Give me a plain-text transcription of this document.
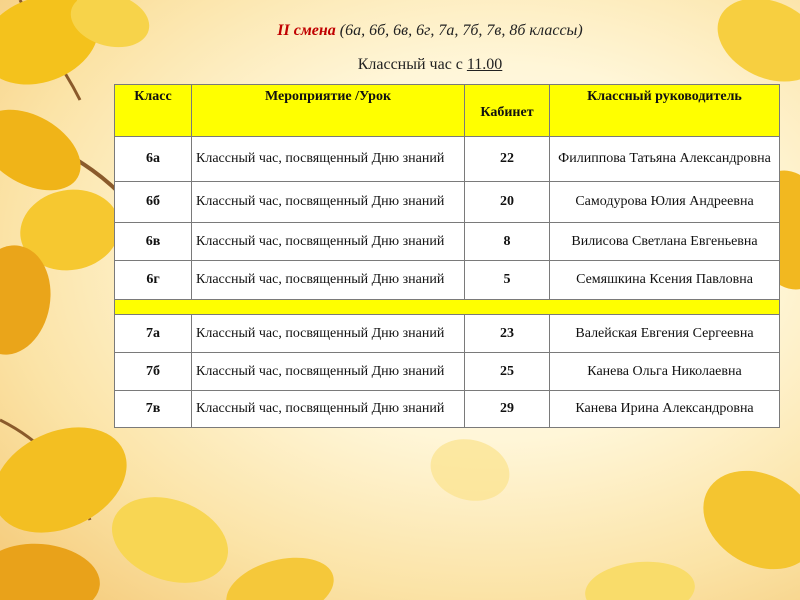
II смена (6а, 6б, 6в, 6г, 7а, 7б, 7в, 8б классы)
Классный час с 11.00
Класс	Мероприятие /Урок	Кабинет	Классный руководитель
6а	Классный час, посвященный Дню знаний	22	Филиппова Татьяна Александровна
6б	Классный час, посвященный Дню знаний	20	Самодурова Юлия Андреевна
6в	Классный час, посвященный Дню знаний	8	Вилисова Светлана Евгеньевна
6г	Классный час, посвященный Дню знаний	5	Семяшкина Ксения Павловна

7а	Классный час, посвященный Дню знаний	23	Валейская Евгения Сергеевна
7б	Классный час, посвященный Дню знаний	25	Канева Ольга Николаевна
7в	Классный час, посвященный Дню знаний	29	Канева Ирина Александровна
